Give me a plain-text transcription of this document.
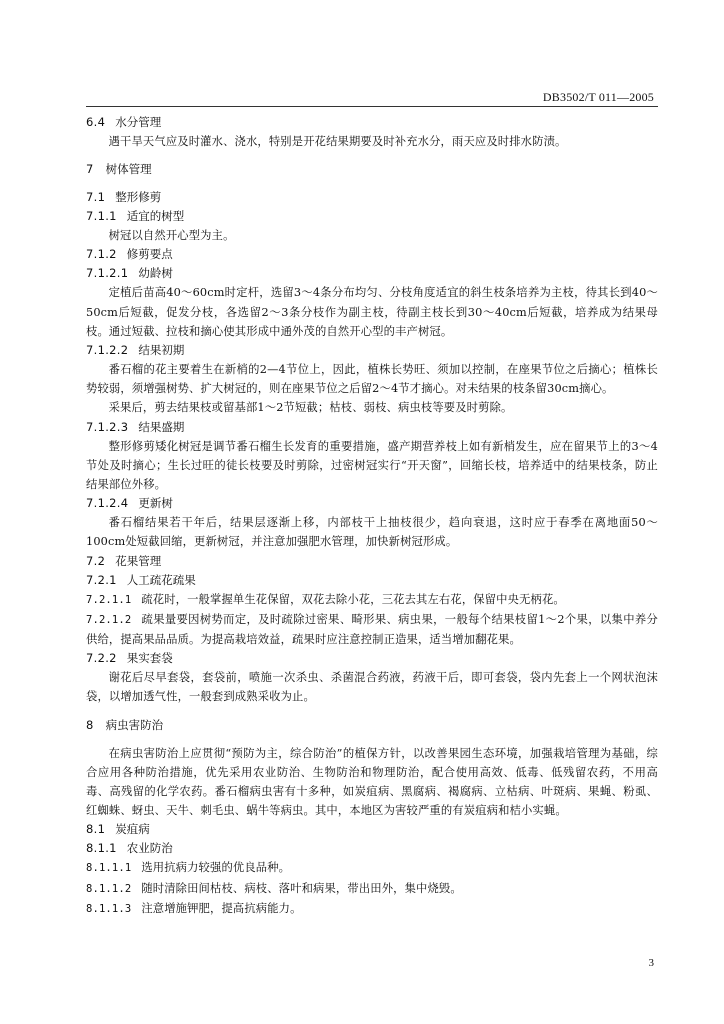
DB3502/T 011—2005
6.4 水分管理

遇干旱天气应及时灌水、浇水，特别是开花结果期要及时补充水分，雨天应及时排水防渍。

7 树体管理
7.1 整形修剪
7.1.1 适宜的树型

树冠以自然开心型为主。

7.1.2 修剪要点
7.1.2.1 幼龄树

定植后苗高40～60cm时定杆，选留3～4条分布均匀、分枝角度适宜的斜生枝条培养为主枝，待其长到40～50cm后短截，促发分枝，各选留2～3条分枝作为副主枝，待副主枝长到30～40cm后短截，培养成为结果母枝。通过短截、拉枝和摘心使其形成中通外茂的自然开心型的丰产树冠。

7.1.2.2 结果初期

番石榴的花主要着生在新梢的2—4节位上，因此，植株长势旺、须加以控制，在座果节位之后摘心；植株长势较弱，须增强树势、扩大树冠的，则在座果节位之后留2～4节才摘心。对未结果的枝条留30cm摘心。

采果后，剪去结果枝或留基部1～2节短截；枯枝、弱枝、病虫枝等要及时剪除。

7.1.2.3 结果盛期

整形修剪矮化树冠是调节番石榴生长发育的重要措施，盛产期营养枝上如有新梢发生，应在留果节上的3～4节处及时摘心；生长过旺的徒长枝要及时剪除，过密树冠实行“开天窗”，回缩长枝，培养适中的结果枝条，防止结果部位外移。

7.1.2.4 更新树

番石榴结果若干年后，结果层逐渐上移，内部枝干上抽枝很少，趋向衰退，这时应于春季在离地面50～100cm处短截回缩，更新树冠，并注意加强肥水管理，加快新树冠形成。

7.2 花果管理
7.2.1 人工疏花疏果

7.2.1.1 疏花时，一般掌握单生花保留，双花去除小花，三花去其左右花，保留中央无柄花。

7.2.1.2 疏果量要因树势而定，及时疏除过密果、畸形果、病虫果，一般每个结果枝留1～2个果，以集中养分供给，提高果品品质。为提高栽培效益，疏果时应注意控制正造果，适当增加翻花果。

7.2.2 果实套袋

谢花后尽早套袋，套袋前，喷施一次杀虫、杀菌混合药液，药液干后，即可套袋，袋内先套上一个网状泡沫袋，以增加透气性，一般套到成熟采收为止。

8 病虫害防治

在病虫害防治上应贯彻“预防为主，综合防治”的植保方针，以改善果园生态环境，加强栽培管理为基础，综合应用各种防治措施，优先采用农业防治、生物防治和物理防治，配合使用高效、低毒、低残留农药，不用高毒、高残留的化学农药。番石榴病虫害有十多种，如炭疽病、黑腐病、褐腐病、立枯病、叶斑病、果蝇、粉虱、红蜘蛛、蚜虫、天牛、刺毛虫、蜗牛等病虫。其中，本地区为害较严重的有炭疽病和桔小实蝇。

8.1 炭疽病
8.1.1 农业防治

8.1.1.1 选用抗病力较强的优良品种。

8.1.1.2 随时清除田间枯枝、病枝、落叶和病果，带出田外，集中烧毁。

8.1.1.3 注意增施钾肥，提高抗病能力。

3
